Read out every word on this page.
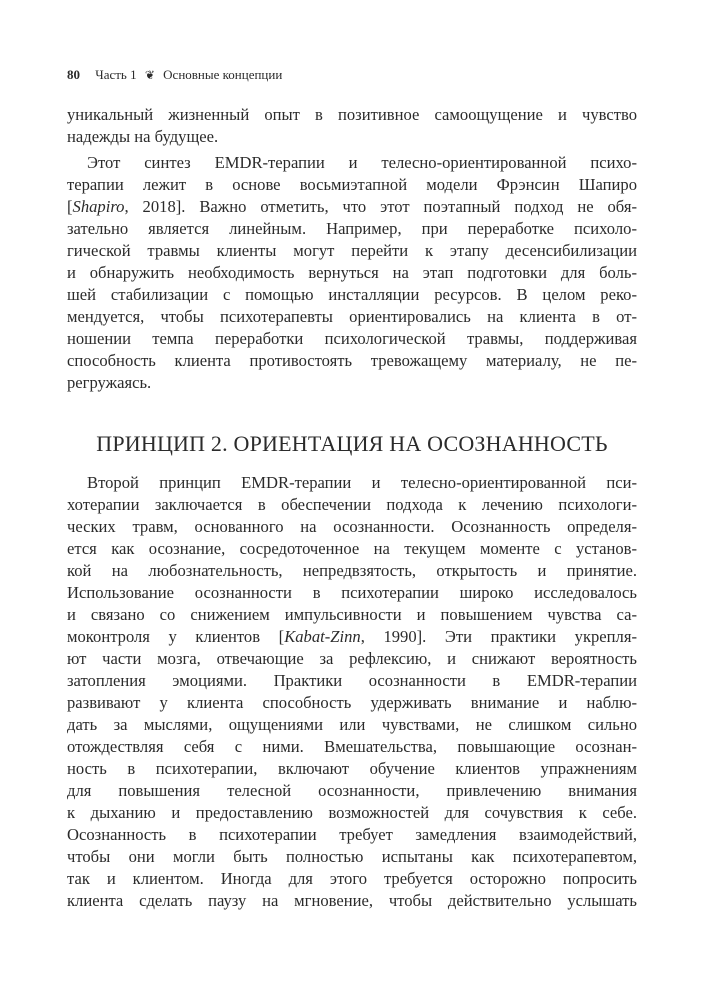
80 Часть 1 ❦ Основные концепции
уникальный жизненный опыт в позитивное самоощущение и чувство
надежды на будущее.
Этот синтез EMDR-терапии и телесно-ориентированной психо-
терапии лежит в основе восьмиэтапной модели Фрэнсин Шапиро
[Shapiro, 2018]. Важно отметить, что этот поэтапный подход не обя-
зательно является линейным. Например, при переработке психоло-
гической травмы клиенты могут перейти к этапу десенсибилизации
и обнаружить необходимость вернуться на этап подготовки для боль-
шей стабилизации с помощью инсталляции ресурсов. В целом реко-
мендуется, чтобы психотерапевты ориентировались на клиента в от-
ношении темпа переработки психологической травмы, поддерживая
способность клиента противостоять тревожащему материалу, не пе-
регружаясь.
ПРИНЦИП 2. ОРИЕНТАЦИЯ НА ОСОЗНАННОСТЬ
Второй принцип EMDR-терапии и телесно-ориентированной пси-
хотерапии заключается в обеспечении подхода к лечению психологи-
ческих травм, основанного на осознанности. Осознанность определя-
ется как осознание, сосредоточенное на текущем моменте с установ-
кой на любознательность, непредвзятость, открытость и принятие.
Использование осознанности в психотерапии широко исследовалось
и связано со снижением импульсивности и повышением чувства са-
моконтроля у клиентов [Kabat-Zinn, 1990]. Эти практики укрепля-
ют части мозга, отвечающие за рефлексию, и снижают вероятность
затопления эмоциями. Практики осознанности в EMDR-терапии
развивают у клиента способность удерживать внимание и наблю-
дать за мыслями, ощущениями или чувствами, не слишком сильно
отождествляя себя с ними. Вмешательства, повышающие осознан-
ность в психотерапии, включают обучение клиентов упражнениям
для повышения телесной осознанности, привлечению внимания
к дыханию и предоставлению возможностей для сочувствия к себе.
Осознанность в психотерапии требует замедления взаимодействий,
чтобы они могли быть полностью испытаны как психотерапевтом,
так и клиентом. Иногда для этого требуется осторожно попросить
клиента сделать паузу на мгновение, чтобы действительно услышать
